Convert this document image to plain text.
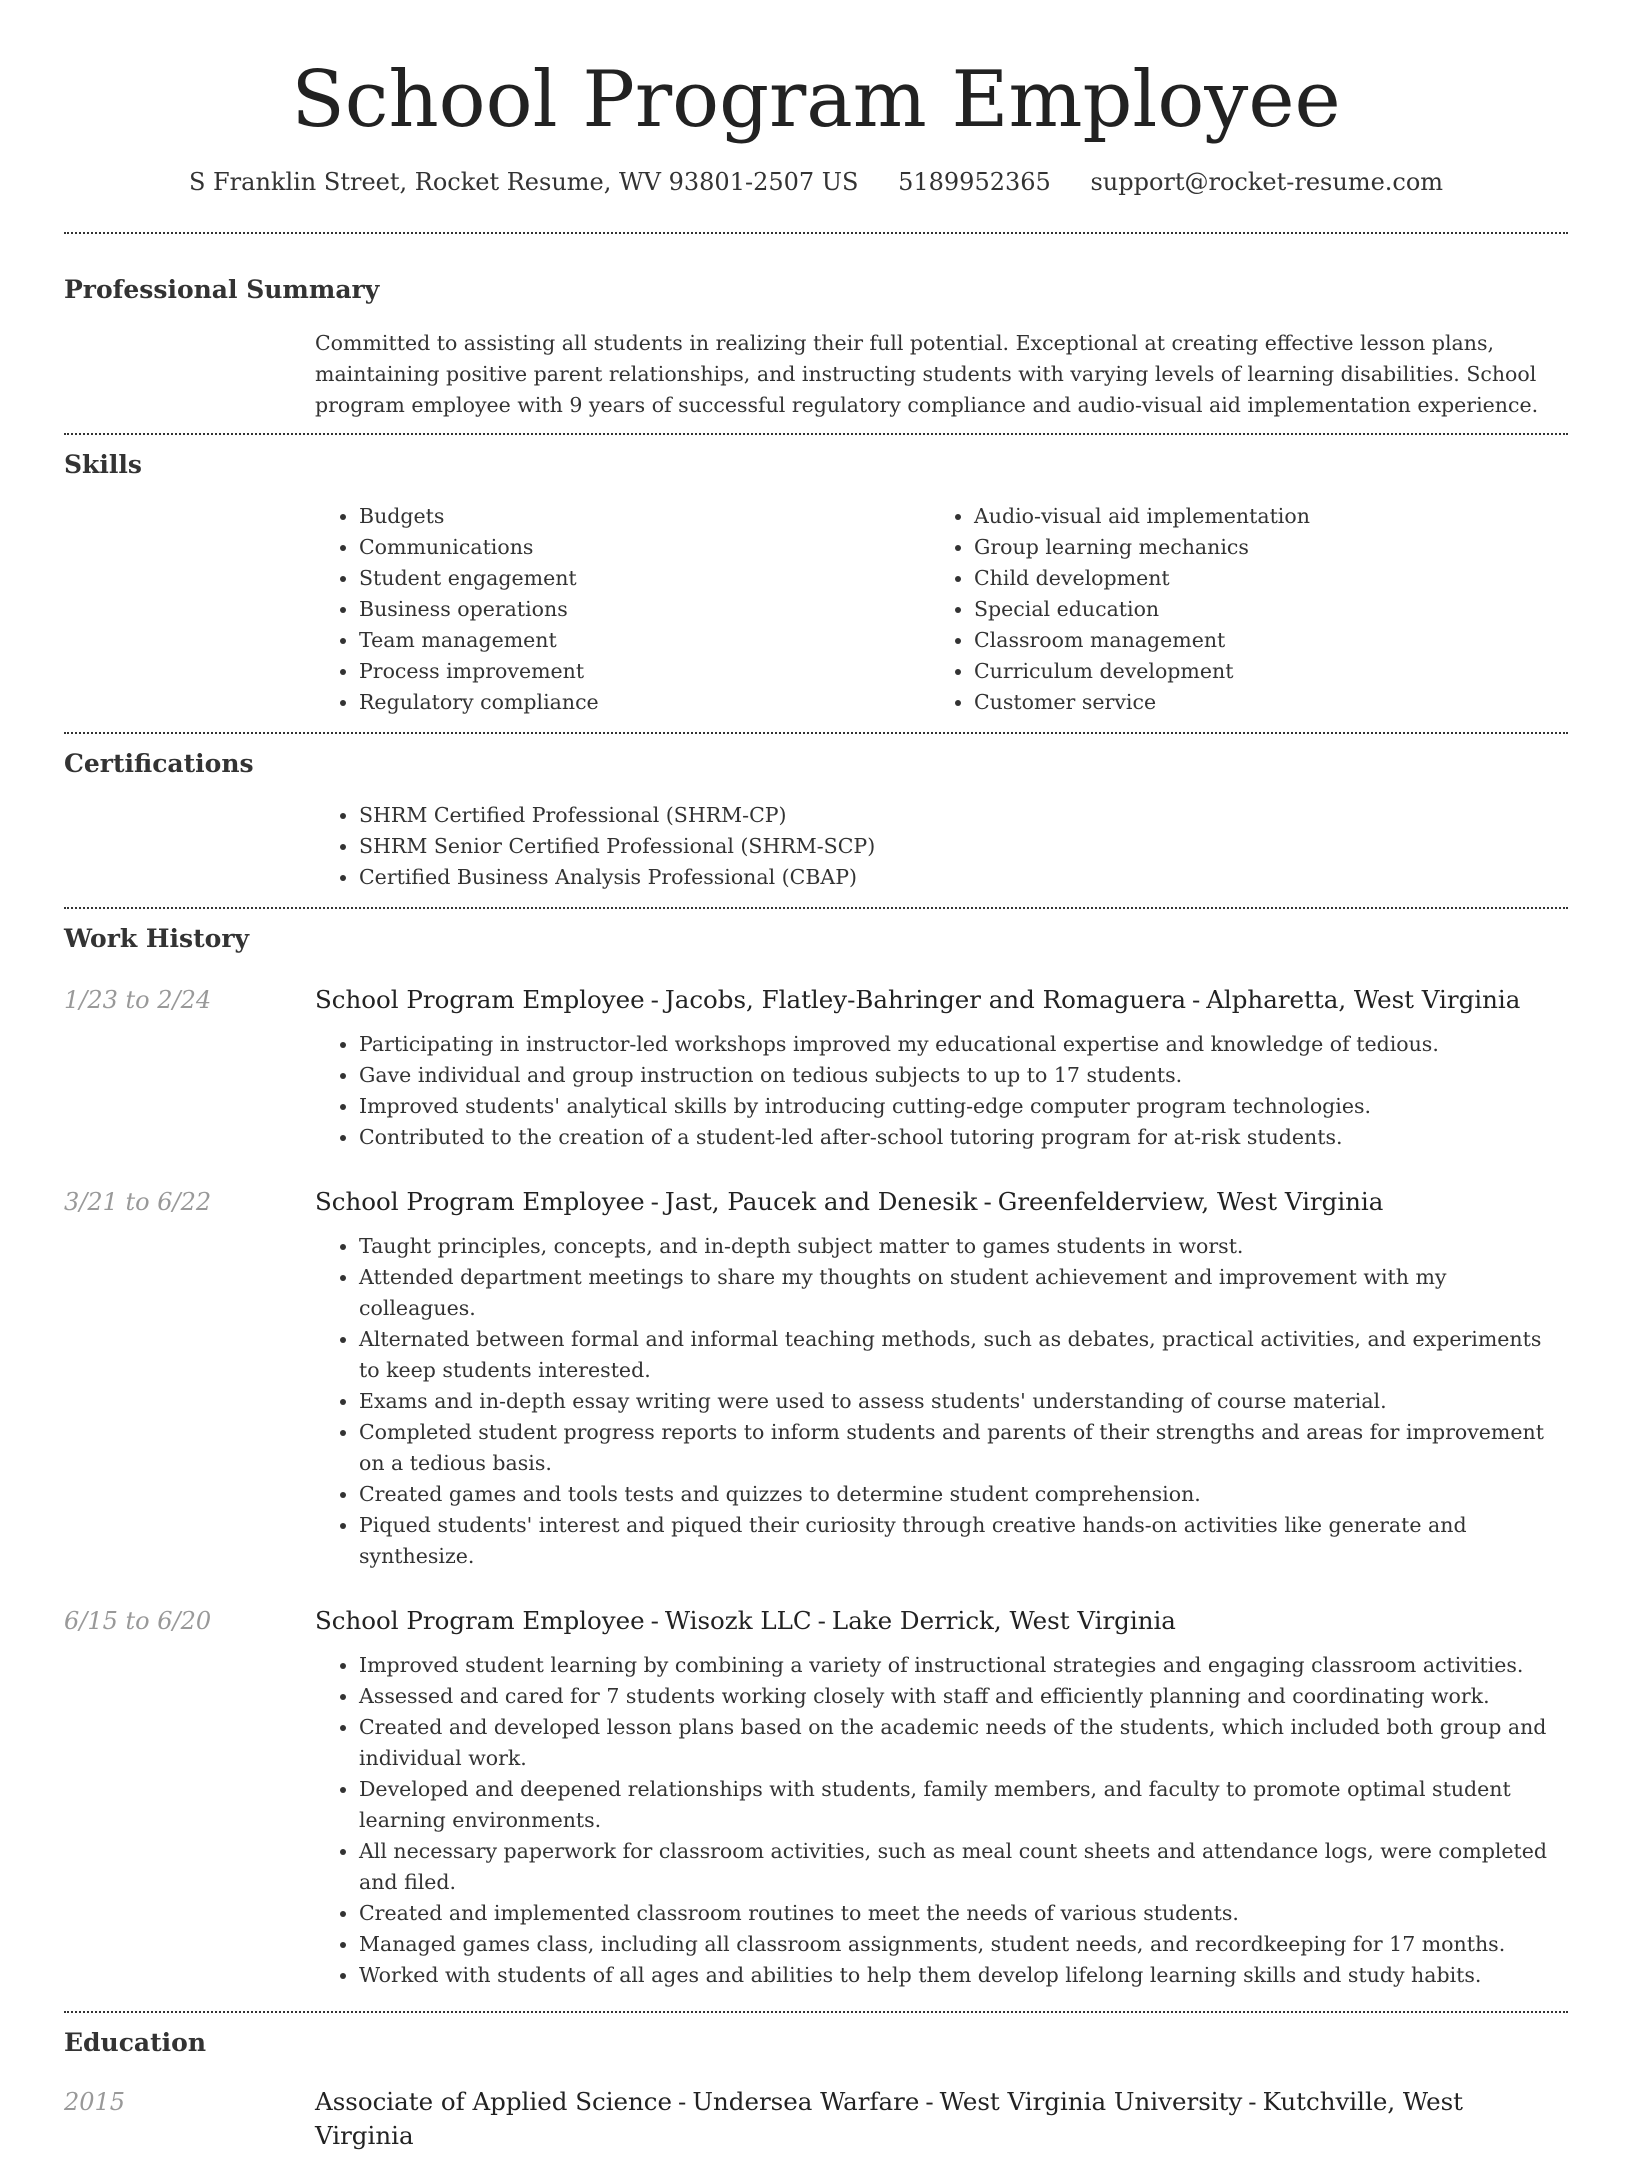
School Program Employee
S Franklin Street, Rocket Resume, WV 93801-2507 US 5189952365 support@rocket-resume.com
Professional Summary

Committed to assisting all students in realizing their full potential. Exceptional at creating effective lesson plans, maintaining positive parent relationships, and instructing students with varying levels of learning disabilities. School program employee with 9 years of successful regulatory compliance and audio-visual aid implementation experience.

Skills
• Budgets
• Communications
• Student engagement
• Business operations
• Team management
• Process improvement
• Regulatory compliance
• Audio-visual aid implementation
• Group learning mechanics
• Child development
• Special education
• Classroom management
• Curriculum development
• Customer service
Certifications
• SHRM Certified Professional (SHRM-CP)
• SHRM Senior Certified Professional (SHRM-SCP)
• Certified Business Analysis Professional (CBAP)
Work History
1/23 to 2/24	School Program Employee - Jacobs, Flatley-Bahringer and Romaguera - Alpharetta, West Virginia
• Participating in instructor-led workshops improved my educational expertise and knowledge of tedious.
• Gave individual and group instruction on tedious subjects to up to 17 students.
• Improved students' analytical skills by introducing cutting-edge computer program technologies.
• Contributed to the creation of a student-led after-school tutoring program for at-risk students.
3/21 to 6/22	School Program Employee - Jast, Paucek and Denesik - Greenfelderview, West Virginia
• Taught principles, concepts, and in-depth subject matter to games students in worst.
• Attended department meetings to share my thoughts on student achievement and improvement with my colleagues.
• Alternated between formal and informal teaching methods, such as debates, practical activities, and experiments to keep students interested.
• Exams and in-depth essay writing were used to assess students' understanding of course material.
• Completed student progress reports to inform students and parents of their strengths and areas for improvement on a tedious basis.
• Created games and tools tests and quizzes to determine student comprehension.
• Piqued students' interest and piqued their curiosity through creative hands-on activities like generate and synthesize.
6/15 to 6/20	School Program Employee - Wisozk LLC - Lake Derrick, West Virginia
• Improved student learning by combining a variety of instructional strategies and engaging classroom activities.
• Assessed and cared for 7 students working closely with staff and efficiently planning and coordinating work.
• Created and developed lesson plans based on the academic needs of the students, which included both group and individual work.
• Developed and deepened relationships with students, family members, and faculty to promote optimal student learning environments.
• All necessary paperwork for classroom activities, such as meal count sheets and attendance logs, were completed and filed.
• Created and implemented classroom routines to meet the needs of various students.
• Managed games class, including all classroom assignments, student needs, and recordkeeping for 17 months.
• Worked with students of all ages and abilities to help them develop lifelong learning skills and study habits.
Education
2015	Associate of Applied Science - Undersea Warfare - West Virginia University - Kutchville, West Virginia
